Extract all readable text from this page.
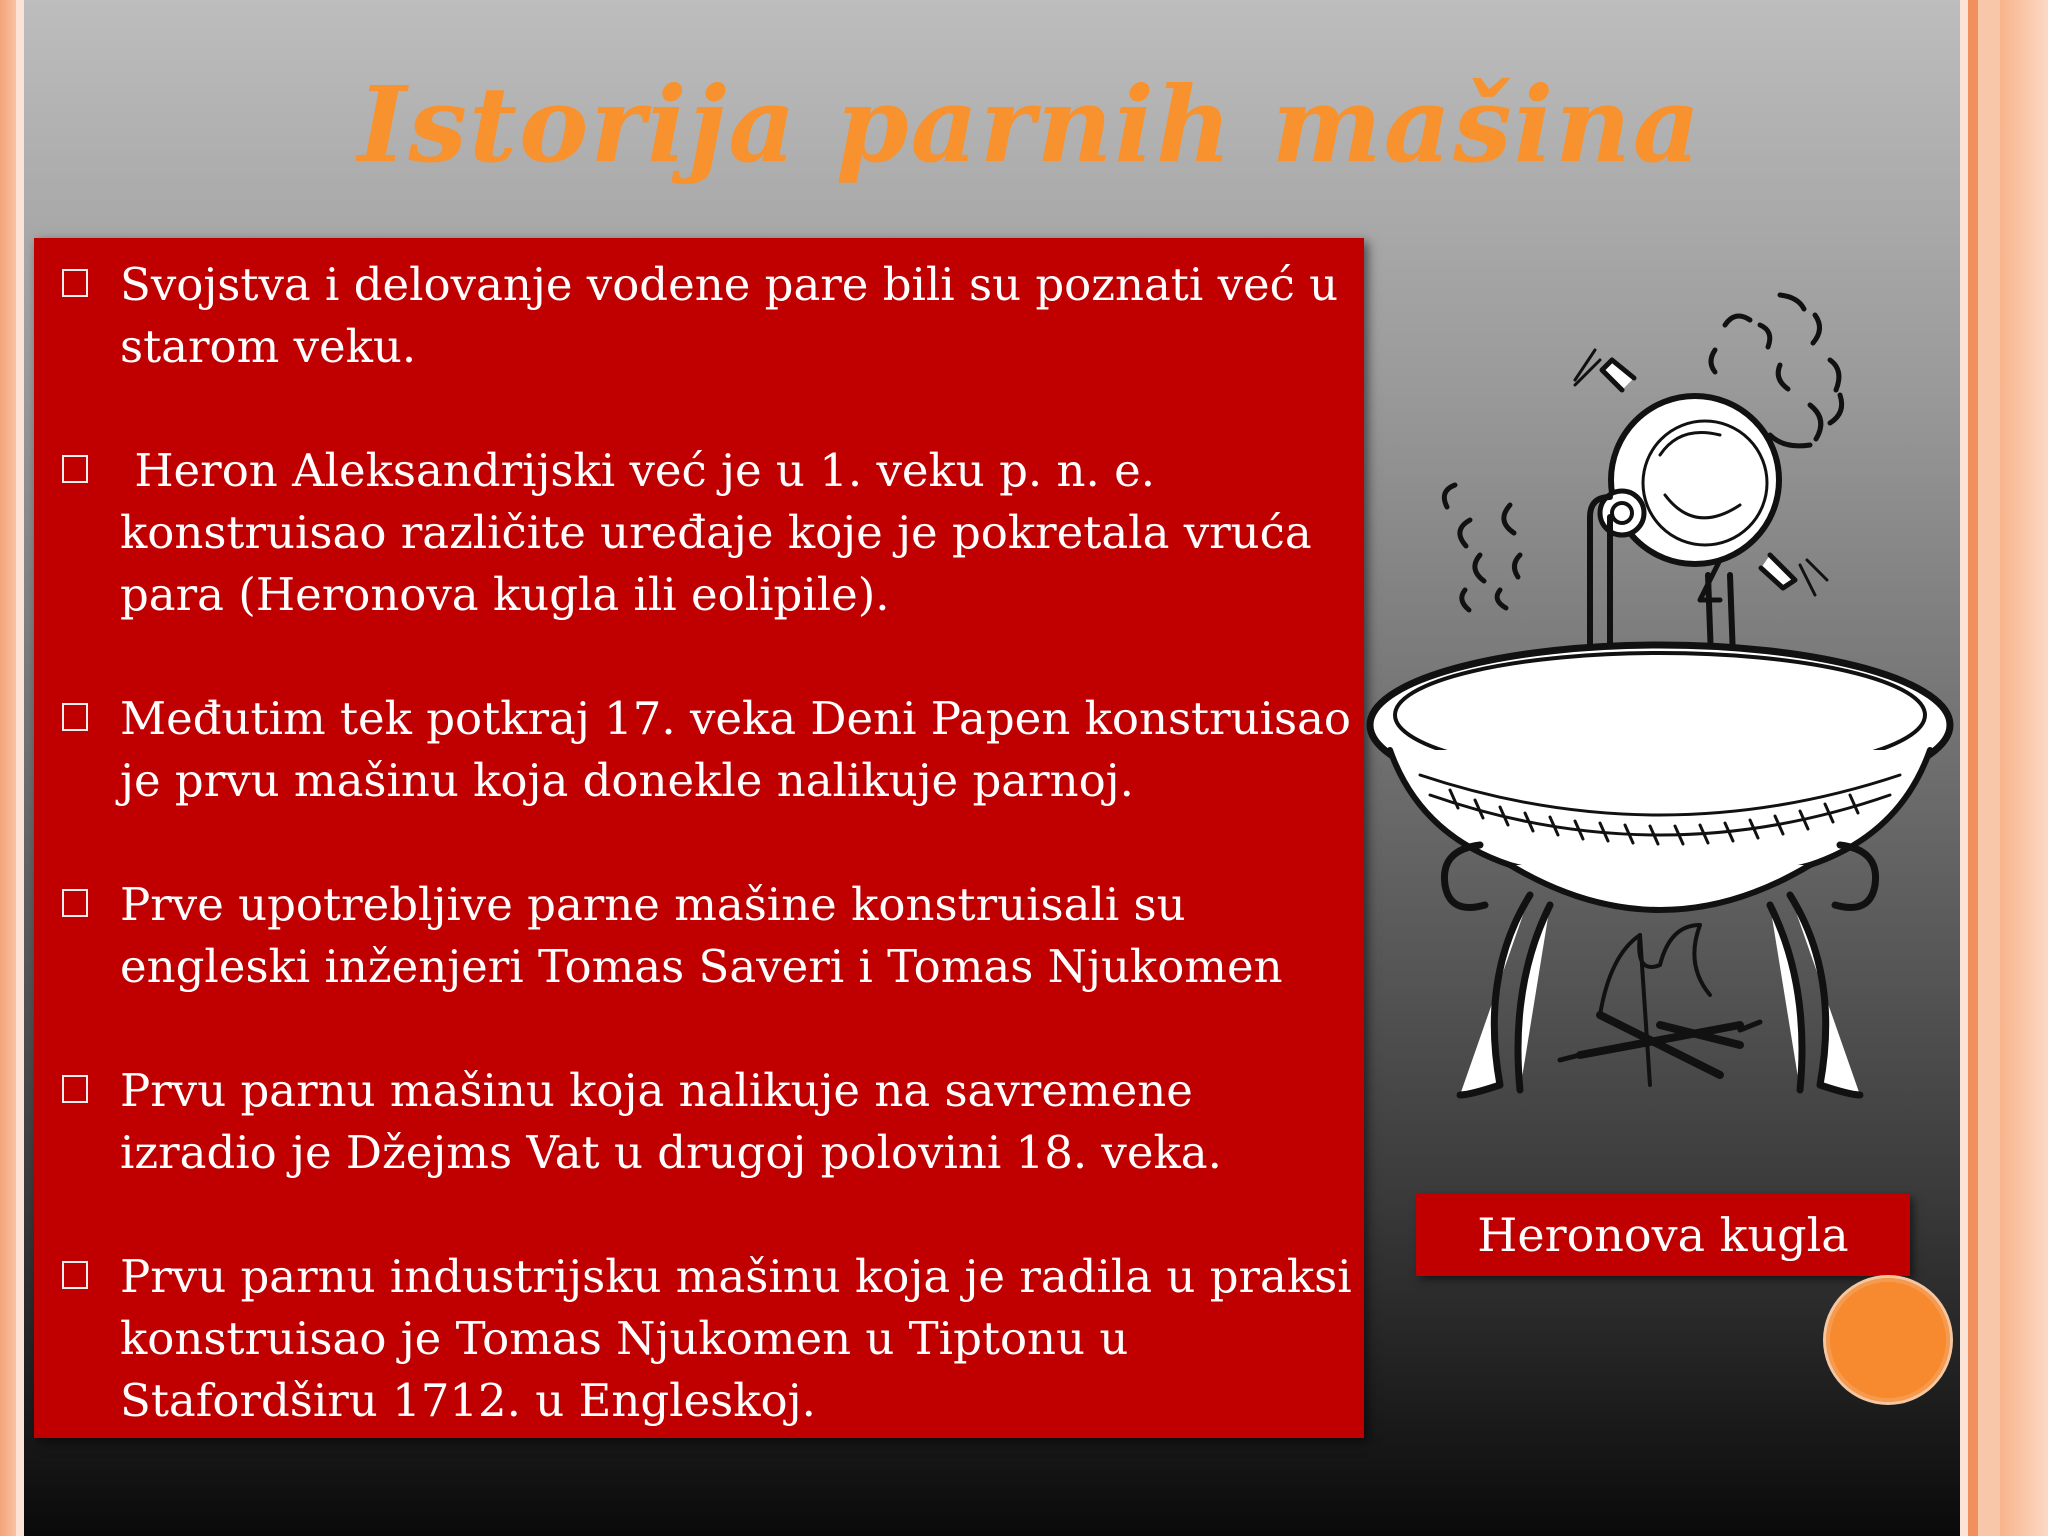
Istorija parnih mašina
Svojstva i delovanje vodene pare bili su poznati već u starom veku.
Heron Aleksandrijski već je u 1. veku p. n. e. konstruisao različite uređaje koje je pokretala vruća para (Heronova kugla ili eolipile).
Međutim tek potkraj 17. veka Deni Papen konstruisao je prvu mašinu koja donekle nalikuje parnoj.
Prve upotrebljive parne mašine konstruisali su engleski inženjeri Tomas Saveri i Tomas Njukomen
Prvu parnu mašinu koja nalikuje na savremene izradio je Džejms Vat u drugoj polovini 18. veka.
Prvu parnu industrijsku mašinu koja je radila u praksi konstruisao je Tomas Njukomen u Tiptonu u Stafordširu 1712. u Engleskoj.
Heronova kugla
